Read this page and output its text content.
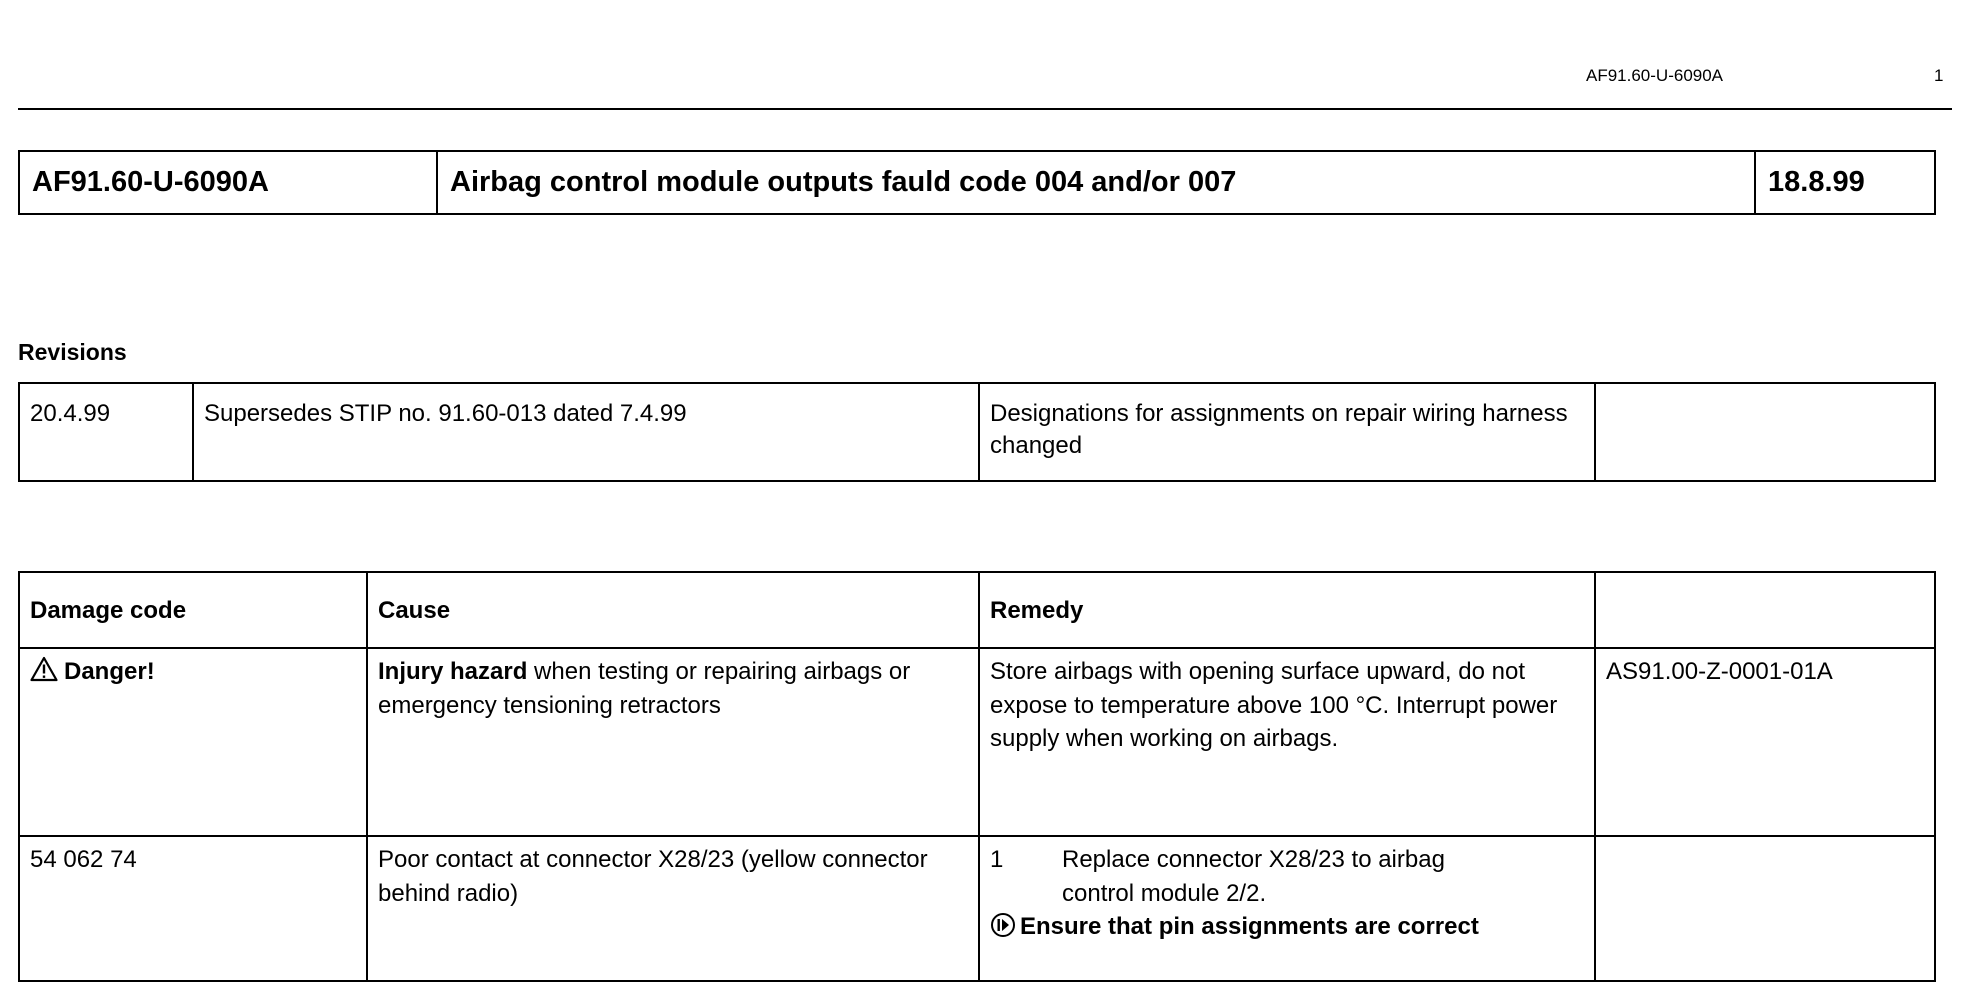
AF91.60-U-6090A	1
AF91.60-U-6090A	Airbag control module outputs fauld code 004 and/or 007	18.8.99
Revisions
20.4.99	Supersedes STIP no. 91.60-013 dated 7.4.99	Designations for assignments on repair wiring harness changed	
Damage code	Cause	Remedy	
Danger!	Injury hazard when testing or repairing airbags or emergency tensioning retractors	Store airbags with opening surface upward, do not expose to temperature above 100 °C. Interrupt power supply when working on airbags.	AS91.00-Z-0001-01A
54 062 74	Poor contact at connector X28/23 (yellow connector behind radio)	1 Replace connector X28/23 to airbag
control module 2/2.
Ensure that pin assignments are correct	
